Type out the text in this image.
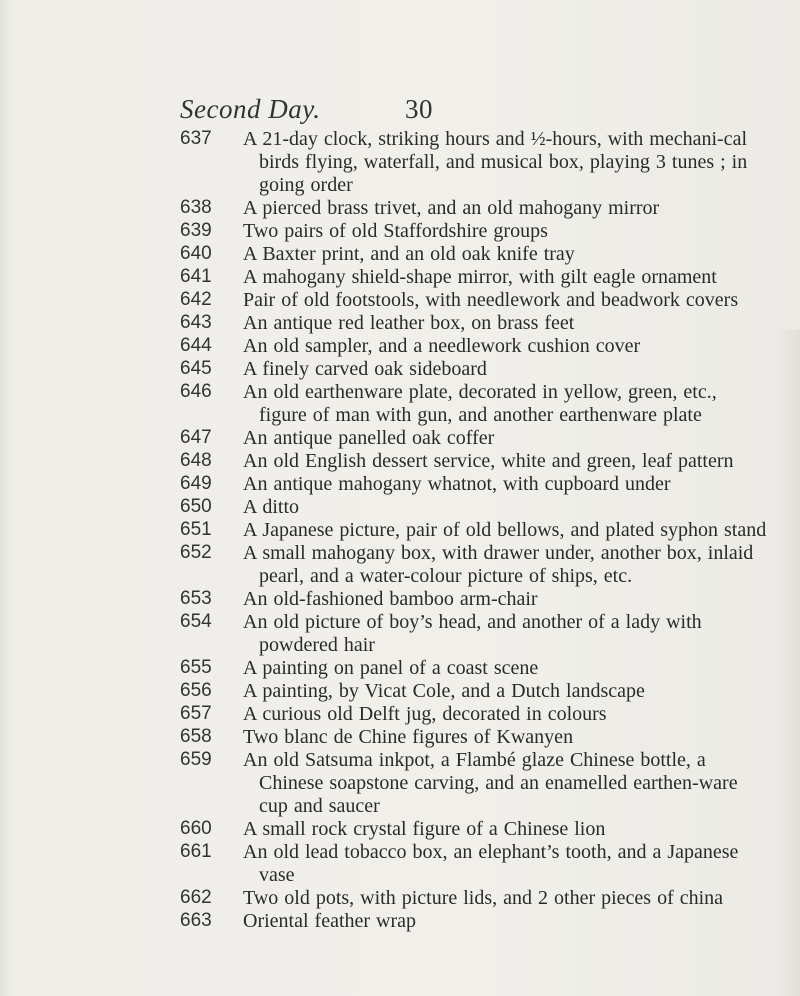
Second Day.	30
637	A 21-day clock, striking hours and ½-hours, with mechani-cal birds flying, waterfall, and musical box, playing 3 tunes ; in going order
638	A pierced brass trivet, and an old mahogany mirror
639	Two pairs of old Staffordshire groups
640	A Baxter print, and an old oak knife tray
641	A mahogany shield-shape mirror, with gilt eagle ornament
642	Pair of old footstools, with needlework and beadwork covers
643	An antique red leather box, on brass feet
644	An old sampler, and a needlework cushion cover
645	A finely carved oak sideboard
646	An old earthenware plate, decorated in yellow, green, etc., figure of man with gun, and another earthenware plate
647	An antique panelled oak coffer
648	An old English dessert service, white and green, leaf pattern
649	An antique mahogany whatnot, with cupboard under
650	A ditto
651	A Japanese picture, pair of old bellows, and plated syphon stand
652	A small mahogany box, with drawer under, another box, inlaid pearl, and a water-colour picture of ships, etc.
653	An old-fashioned bamboo arm-chair
654	An old picture of boy’s head, and another of a lady with powdered hair
655	A painting on panel of a coast scene
656	A painting, by Vicat Cole, and a Dutch landscape
657	A curious old Delft jug, decorated in colours
658	Two blanc de Chine figures of Kwanyen
659	An old Satsuma inkpot, a Flambé glaze Chinese bottle, a Chinese soapstone carving, and an enamelled earthen-ware cup and saucer
660	A small rock crystal figure of a Chinese lion
661	An old lead tobacco box, an elephant’s tooth, and a Japanese vase
662	Two old pots, with picture lids, and 2 other pieces of china
663	Oriental feather wrap
